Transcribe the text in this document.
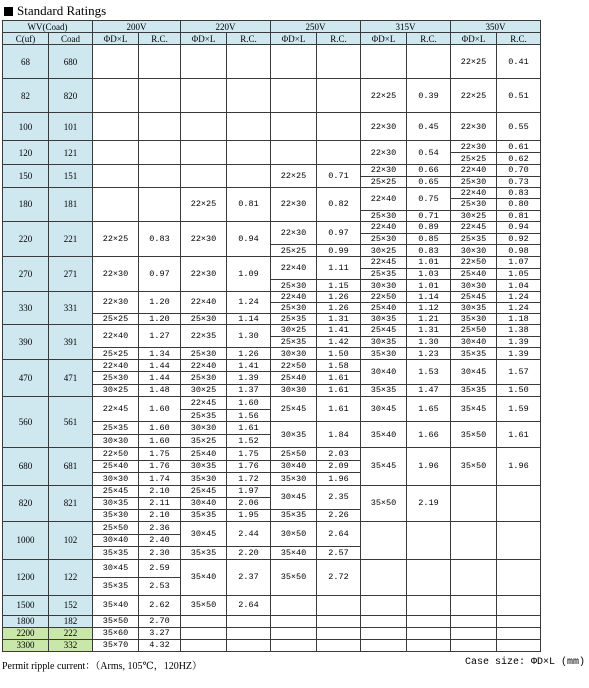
Standard Ratings
WV(Coad)		200V		220V		250V		315V		350V	
C(uf)	Coad	ΦD×L	R.C.	ΦD×L	R.C.	ΦD×L	R.C.	ΦD×L	R.C.	ΦD×L	R.C.
68	680									22×25	0.41
82	820							22×25	0.39	22×25	0.51
100	101							22×30	0.45	22×30	0.55
120	121							22×30	0.54	22×30	0.61
										25×25	0.62
150	151					22×25	0.71	22×30	0.66	22×40	0.70
								25×25	0.65	25×30	0.73
180	181			22×25	0.81	22×30	0.82	22×40	0.75	22×40	0.83
										25×30	0.80
								25×30	0.71	30×25	0.81
220	221	22×25	0.83	22×30	0.94	22×30	0.97	22×40	0.89	22×45	0.94
								25×30	0.85	25×35	0.92
						25×25	0.99	30×25	0.83	30×30	0.98
270	271	22×30	0.97	22×30	1.09	22×40	1.11	22×45	1.01	22×50	1.07
								25×35	1.03	25×40	1.05
						25×30	1.15	30×30	1.01	30×30	1.04
330	331	22×30	1.20	22×40	1.24	22×40	1.26	22×50	1.14	25×45	1.24
						25×30	1.26	25×40	1.12	30×35	1.24
		25×25	1.20	25×30	1.14	25×35	1.31	30×35	1.21	35×30	1.18
390	391	22×40	1.27	22×35	1.30	30×25	1.41	25×45	1.31	25×50	1.38
						25×35	1.42	30×35	1.30	30×40	1.39
		25×25	1.34	25×30	1.26	30×30	1.50	35×30	1.23	35×35	1.39
470	471	22×40	1.44	22×40	1.41	22×50	1.58	30×40	1.53	30×45	1.57
		25×30	1.44	25×30	1.39	25×40	1.61				
		30×25	1.48	30×25	1.37	30×30	1.61	35×35	1.47	35×35	1.50
560	561	22×45	1.60	22×45	1.60	25×45	1.61	30×45	1.65	35×45	1.59
				25×35	1.56						
		25×35	1.60	30×30	1.61	30×35	1.84	35×40	1.66	35×50	1.61
		30×30	1.60	35×25	1.52						
680	681	22×50	1.75	25×40	1.75	25×50	2.03	35×45	1.96	35×50	1.96
		25×40	1.76	30×35	1.76	30×40	2.09				
		30×30	1.74	35×30	1.72	35×30	1.96				
820	821	25×45	2.10	25×45	1.97	30×45	2.35	35×50	2.19		
		30×35	2.11	30×40	2.06						
		35×30	2.10	35×35	1.95	35×35	2.26				
1000	102	25×50	2.36	30×45	2.44	30×50	2.64				
		30×40	2.40								
		35×35	2.30	35×35	2.20	35×40	2.57				
1200	122	30×45	2.59	35×40	2.37	35×50	2.72				
		35×35	2.53								
1500	152	35×40	2.62	35×50	2.64						
1800	182	35×50	2.70								
2200	222	35×60	3.27								
3300	332	35×70	4.32								
Permit ripple current：（Arms, 105℃，120HZ）	Case size: ΦD×L (mm)
